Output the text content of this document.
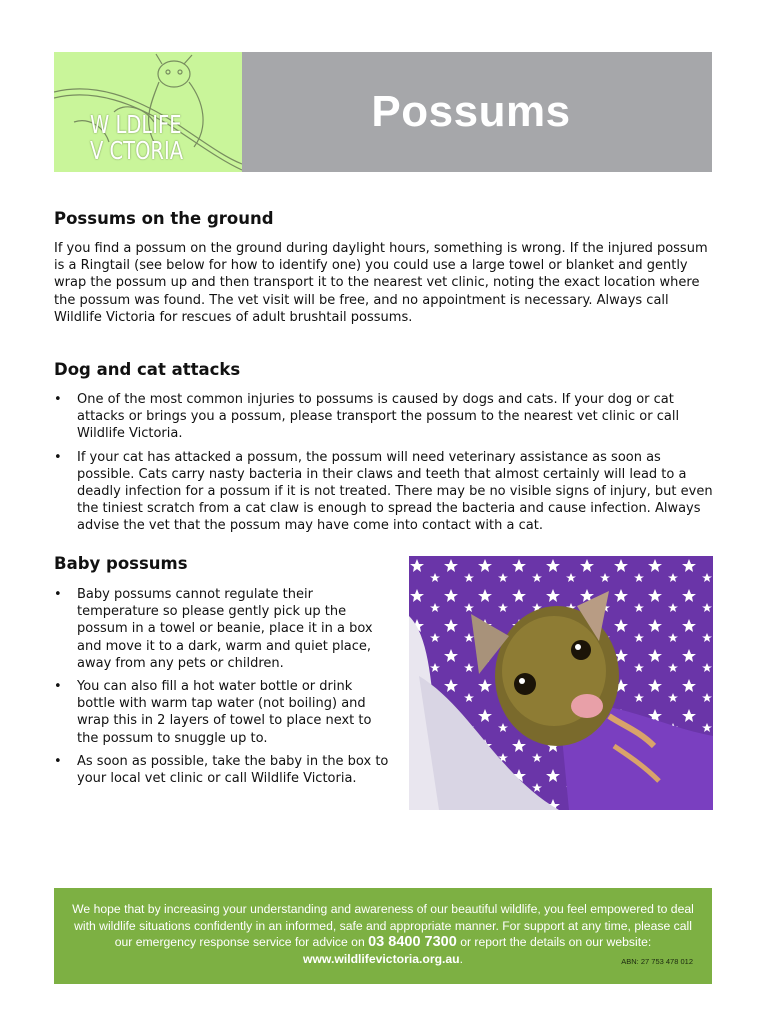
W LDLIFE
V CTORIA
Possums
Possums on the ground

If you find a possum on the ground during daylight hours, something is wrong. If the injured possum is a Ringtail (see below for how to identify one) you could use a large towel or blanket and gently wrap the possum up and then transport it to the nearest vet clinic, noting the exact location where the possum was found. The vet visit will be free, and no appointment is necessary. Always call Wildlife Victoria for rescues of adult brushtail possums.

Dog and cat attacks
• One of the most common injuries to possums is caused by dogs and cats. If your dog or cat attacks or brings you a possum, please transport the possum to the nearest vet clinic or call Wildlife Victoria.
• If your cat has attacked a possum, the possum will need veterinary assistance as soon as possible. Cats carry nasty bacteria in their claws and teeth that almost certainly will lead to a deadly infection for a possum if it is not treated. There may be no visible signs of injury, but even the tiniest scratch from a cat claw is enough to spread the bacteria and cause infection. Always advise the vet that the possum may have come into contact with a cat.
Baby possums
• Baby possums cannot regulate their temperature so please gently pick up the possum in a towel or beanie, place it in a box and move it to a dark, warm and quiet place, away from any pets or children.
• You can also fill a hot water bottle or drink bottle with warm tap water (not boiling) and wrap this in 2 layers of towel to place next to the possum to snuggle up to.
• As soon as possible, take the baby in the box to your local vet clinic or call Wildlife Victoria.
We hope that by increasing your understanding and awareness of our beautiful wildlife, you feel empowered to deal with wildlife situations confidently in an informed, safe and appropriate manner. For support at any time, please call our emergency response service for advice on 03 8400 7300 or report the details on our website: www.wildlifevictoria.org.au.	ABN: 27 753 478 012
